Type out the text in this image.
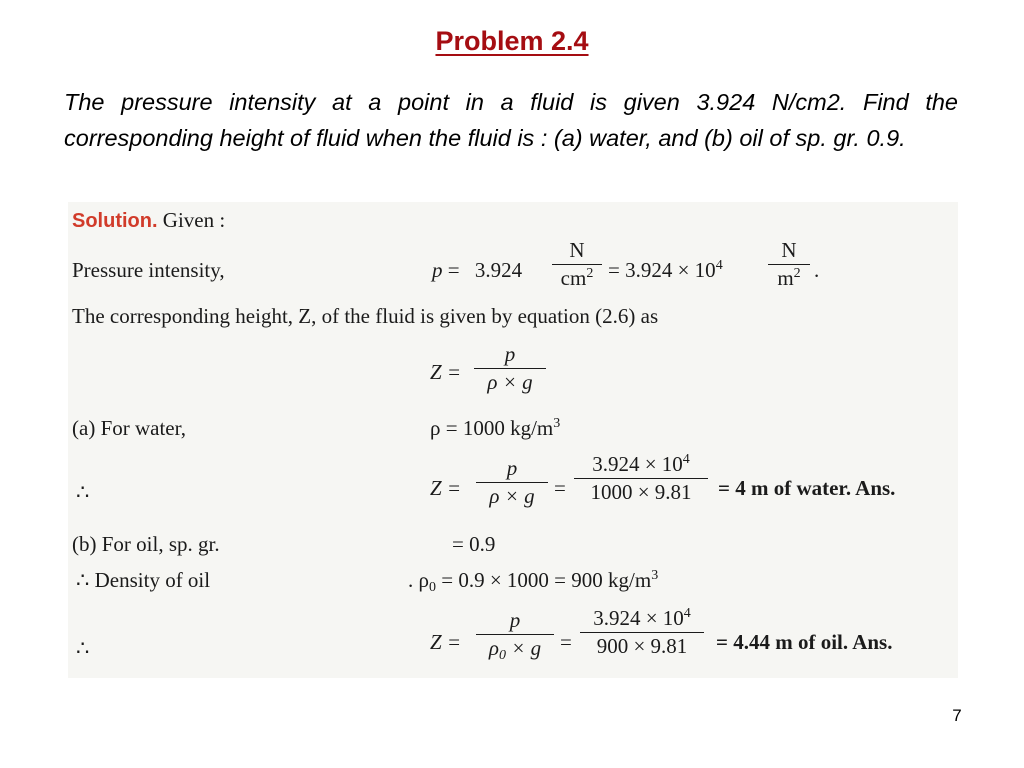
Problem 2.4
The pressure intensity at a point in a fluid is given 3.924 N/cm2. Find the corresponding height of fluid when the fluid is : (a) water, and (b) oil of sp. gr. 0.9.
Solution. Given :
Pressure intensity,	p = 3.924
N
$cm^2 = 3.924 \times 10^4$
N
$m^2$ .
The corresponding height, Z, of the fluid is given by equation (2.6) as
Z =
p
ρ × g
(a) For water,	ρ = 1000 $kg/m^3$
∴	Z =
p
ρ × g =
$3.924 \times 10^4$
1000 × 9.81	= 4 m of water. Ans.
(b) For oil, sp. gr.	= 0.9
∴ Density of oil	. $\rho_0 = 0.9 \times 1000 = 900$ $kg/m^3$
∴	Z =
p
$\rho_0 \times g$ =
$3.924 \times 10^4$
900 × 9.81	= 4.44 m of oil. Ans.
7
